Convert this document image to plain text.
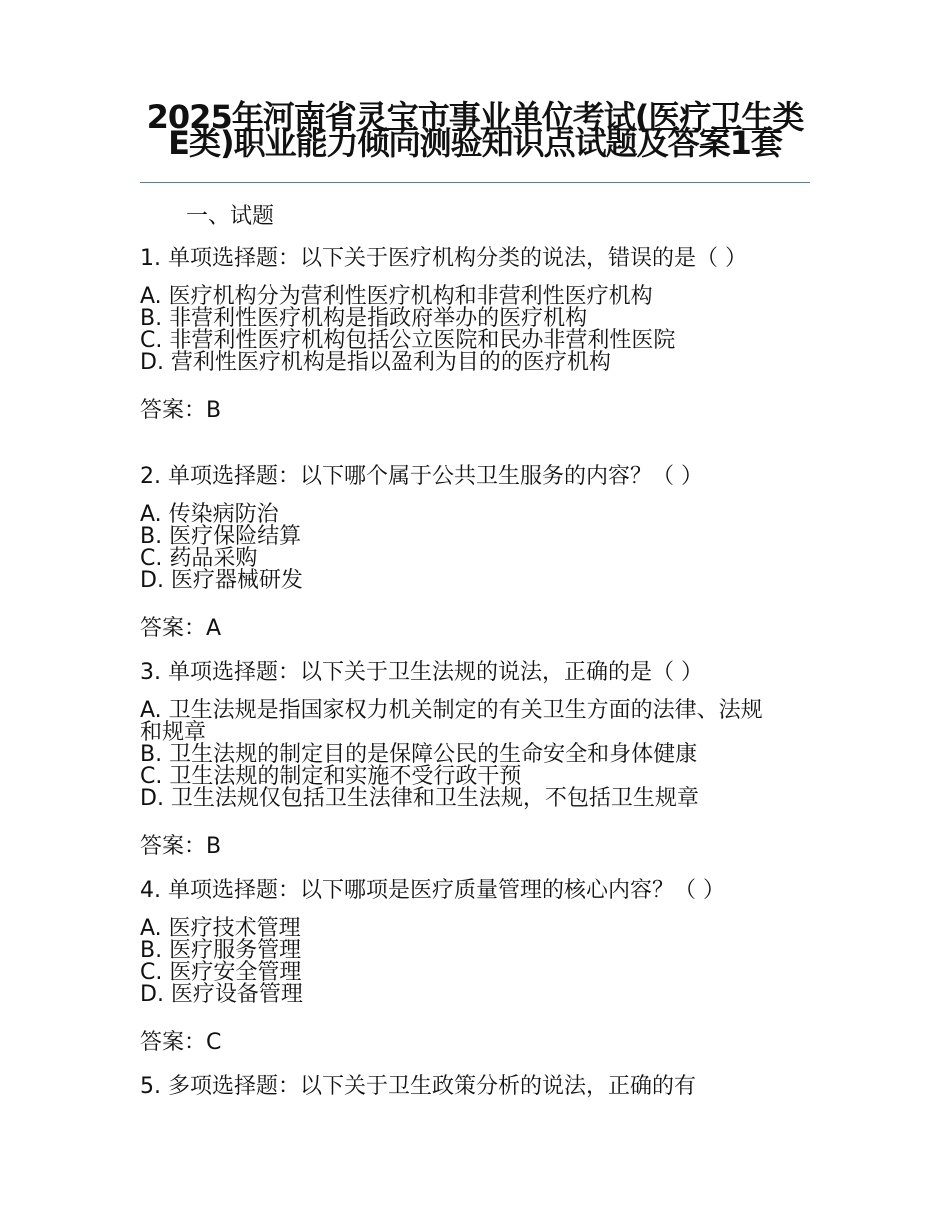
2025年河南省灵宝市事业单位考试(医疗卫生类E类)职业能力倾向测验知识点试题及答案1套
一、试题
1. 单项选择题：以下关于医疗机构分类的说法，错误的是（ ）
A. 医疗机构分为营利性医疗机构和非营利性医疗机构
B. 非营利性医疗机构是指政府举办的医疗机构
C. 非营利性医疗机构包括公立医院和民办非营利性医院
D. 营利性医疗机构是指以盈利为目的的医疗机构
答案：B
2. 单项选择题：以下哪个属于公共卫生服务的内容？（ ）
A. 传染病防治
B. 医疗保险结算
C. 药品采购
D. 医疗器械研发
答案：A
3. 单项选择题：以下关于卫生法规的说法，正确的是（ ）
A. 卫生法规是指国家权力机关制定的有关卫生方面的法律、法规和规章
B. 卫生法规的制定目的是保障公民的生命安全和身体健康
C. 卫生法规的制定和实施不受行政干预
D. 卫生法规仅包括卫生法律和卫生法规，不包括卫生规章
答案：B
4. 单项选择题：以下哪项是医疗质量管理的核心内容？（ ）
A. 医疗技术管理
B. 医疗服务管理
C. 医疗安全管理
D. 医疗设备管理
答案：C
5. 多项选择题：以下关于卫生政策分析的说法，正确的有
